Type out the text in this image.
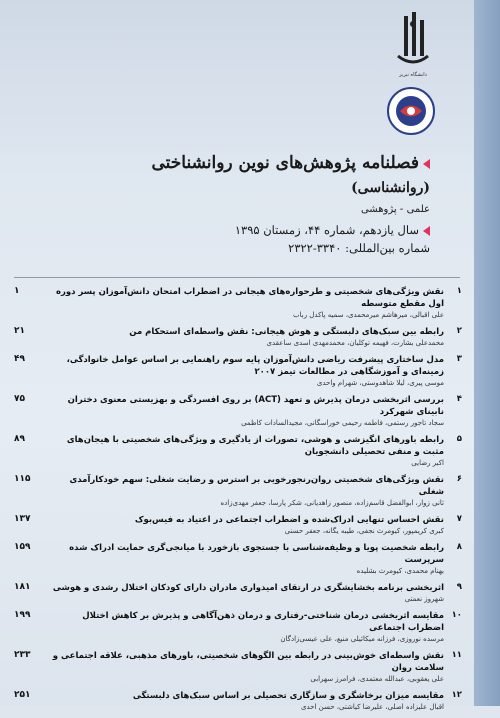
دانشگاه تبریز
فصلنامه پژوهش‌های نوین روانشناختی
(روانشناسی)
علمی - پژوهشی
سال یازدهم، شماره ۴۴، زمستان ۱۳۹۵
شماره بین‌المللی: ۳۳۴۰-۲۳۲۲
۱
نقش ویژگی‌های شخصیتی و طرحواره‌های هیجانی در اضطراب امتحان دانش‌آموزان پسر دوره اول مقطع متوسطه
علی اقبالی، میرهاشم میرمحمدی، سمیه پاکدل رباب
۱
۲
رابطه بین سبک‌های دلبستگی و هوش هیجانی: نقش واسطه‌ای استحکام من
محمدعلی بشارت، فهیمه توکلیان، محمدمهدی اسدی ساعقدی
۲۱
۳
مدل ساختاری پیشرفت ریاضی دانش‌آموزان پایه سوم راهنمایی بر اساس عوامل خانوادگی، زمینه‌ای و آموزشگاهی در مطالعات تیمز ۲۰۰۷
موسی پیری، لیلا شاهدوستی، شهرام واحدی
۴۹
۴
بررسی اثربخشی درمان پذیرش و تعهد (ACT) بر روی افسردگی و بهزیستی معنوی دختران نابینای شهرکرد
سجاد تاجور رستمی، فاطمه رحیمی خوراسگانی، مجیدالسادات کاظمی
۷۵
۵
رابطه باورهای انگیزشی و هوشی، تصورات از یادگیری و ویژگی‌های شخصیتی با هیجان‌های مثبت و منفی تحصیلی دانشجویان
اکبر رضایی
۸۹
۶
نقش ویژگی‌های شخصیتی روان‌رنجورخویی بر استرس و رضایت شغلی: سهم خودکارآمدی شغلی
ثانی زوار، ابوالفضل قاسم‌زاده، منصور زاهدیانی، شکر پارسا، جعفر مهدی‌زاده
۱۱۵
۷
نقش احساس تنهایی ادراک‌شده و اضطراب اجتماعی در اعتیاد به فیس‌بوک
کبری کریمپور، کیومرث نجفی، طیبه یگانه، جعفر حسنی
۱۳۷
۸
رابطه شخصیت پویا و وظیفه‌شناسی با جستجوی بازخورد با میانجی‌گری حمایت ادراک شده سرپرست
بهنام محمدی، کیومرث بشلیده
۱۵۹
۹
اثربخشی برنامه بخشایشگری در ارتقای امیدواری مادران دارای کودکان اختلال رشدی و هوشی
شهروز نعمتی
۱۸۱
۱۰
مقایسه اثربخشی درمان شناختی-رفتاری و درمان ذهن‌آگاهی و پذیرش بر کاهش اختلال اضطراب اجتماعی
مرسده نوروزی، فرزانه میکائیلی منیع، علی عیسی‌زادگان
۱۹۹
۱۱
نقش واسطه‌ای خوش‌بینی در رابطه بین الگوهای شخصیتی، باورهای مذهبی، علاقه اجتماعی و سلامت روان
علی یعقوبی، عبدالله معتمدی، فرامرز سهرابی
۲۳۳
۱۲
مقایسه میزان برخاشگری و سازگاری تحصیلی بر اساس سبک‌های دلبستگی
اقبال علیزاده اصلی، علیرضا کیاشتی، حسن احدی
۲۵۱
